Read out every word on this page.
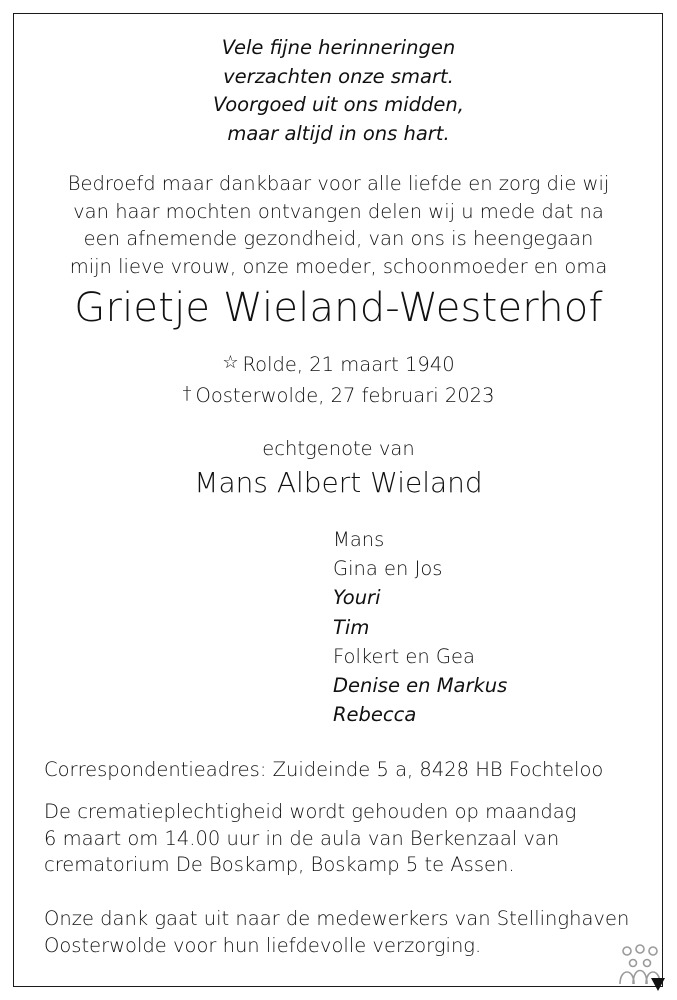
Vele fijne herinneringen
verzachten onze smart.
Voorgoed uit ons midden,
maar altijd in ons hart.
Bedroefd maar dankbaar voor alle liefde en zorg die wij
van haar mochten ontvangen delen wij u mede dat na
een afnemende gezondheid, van ons is heengegaan
mijn lieve vrouw, onze moeder, schoonmoeder en oma
Grietje Wieland-Westerhof
☆ Rolde, 21 maart 1940
† Oosterwolde, 27 februari 2023
echtgenote van
Mans Albert Wieland
Mans
Gina en Jos
Youri
Tim
Folkert en Gea
Denise en Markus
Rebecca
Correspondentieadres: Zuideinde 5 a, 8428 HB Fochteloo
De crematieplechtigheid wordt gehouden op maandag
6 maart om 14.00 uur in de aula van Berkenzaal van
crematorium De Boskamp, Boskamp 5 te Assen.
Onze dank gaat uit naar de medewerkers van Stellinghaven
Oosterwolde voor hun liefdevolle verzorging.
